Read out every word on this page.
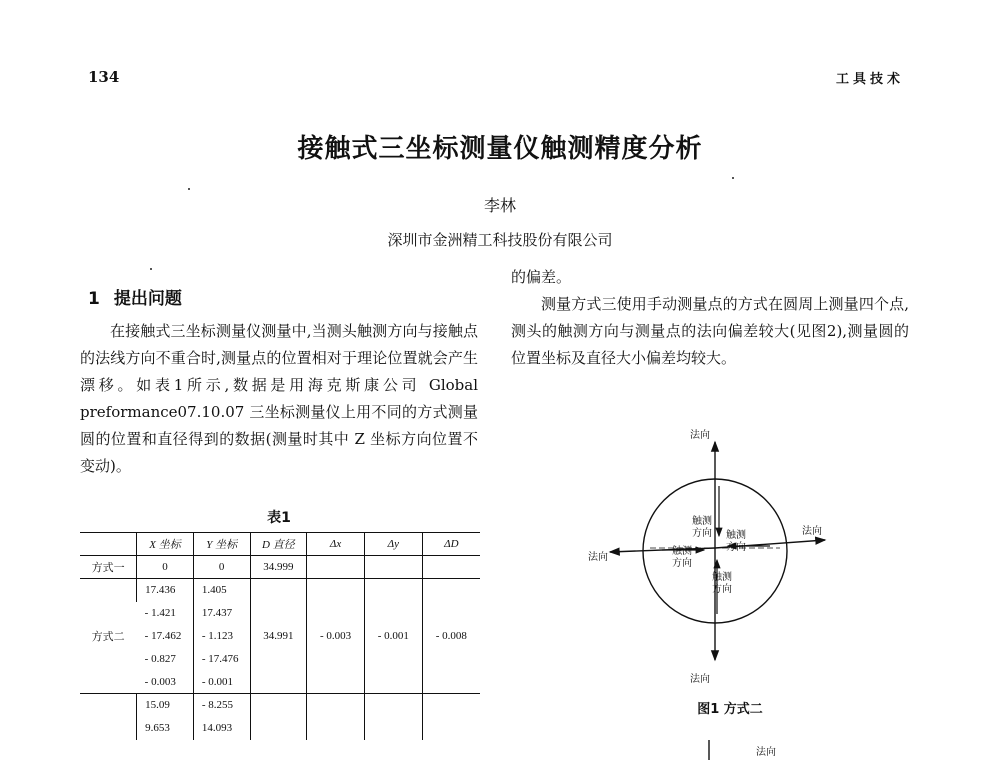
134	工具技术
接触式三坐标测量仪触测精度分析
李林
深圳市金洲精工科技股份有限公司
1 提出问题

在接触式三坐标测量仪测量中,当测头触测方向与接触点的法线方向不重合时,测量点的位置相对于理论位置就会产生漂移。如表1所示,数据是用海克斯康公司 Global preformance07.10.07 三坐标测量仪上用不同的方式测量圆的位置和直径得到的数据(测量时其中 Z 坐标方向位置不变动)。

的偏差。

测量方式三使用手动测量点的方式在圆周上测量四个点,测头的触测方向与测量点的法向偏差较大(见图2),测量圆的位置坐标及直径大小偏差均较大。

表1
	X 坐标	Y 坐标	D 直径	Δx	Δy	ΔD
方式一	0	0	34.999			
方式二	17.436	1.405	34.991	- 0.003	- 0.001	- 0.008
	- 1.421	17.437				
	- 17.462	- 1.123				
	- 0.827	- 17.476				
	- 0.003	- 0.001				
	15.09	- 8.255				
	9.653	14.093				
法向
法向
法向
法向
触测
方向 触测
方向
触测
方向
触测
方向
图1 方式二
法向
